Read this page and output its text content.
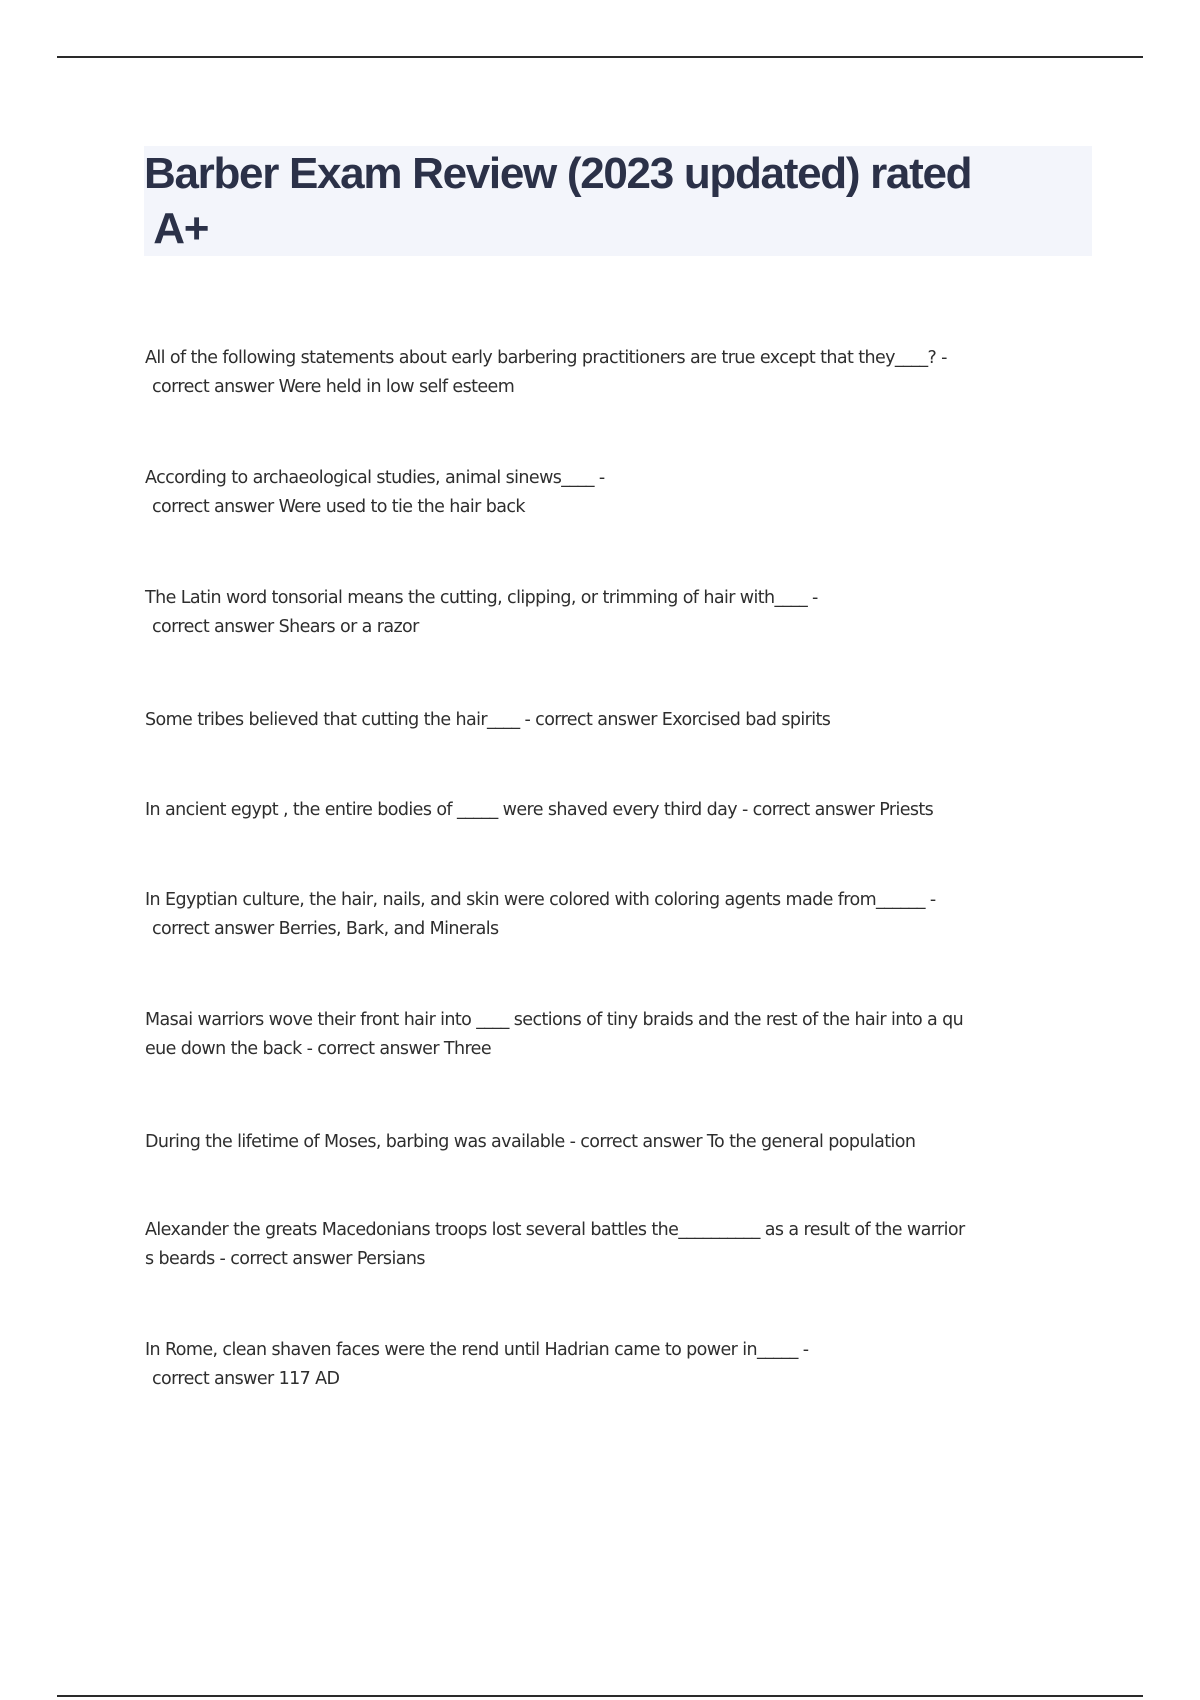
Barber Exam Review (2023 updated) rated
A+
All of the following statements about early barbering practitioners are true except that they____? -
correct answer Were held in low self esteem
According to archaeological studies, animal sinews____ -
correct answer Were used to tie the hair back
The Latin word tonsorial means the cutting, clipping, or trimming of hair with____ -
correct answer Shears or a razor
Some tribes believed that cutting the hair____ - correct answer Exorcised bad spirits
In ancient egypt , the entire bodies of _____ were shaved every third day - correct answer Priests
In Egyptian culture, the hair, nails, and skin were colored with coloring agents made from______ -
correct answer Berries, Bark, and Minerals
Masai warriors wove their front hair into ____ sections of tiny braids and the rest of the hair into a qu
eue down the back - correct answer Three
During the lifetime of Moses, barbing was available - correct answer To the general population
Alexander the greats Macedonians troops lost several battles the__________ as a result of the warrior
s beards - correct answer Persians
In Rome, clean shaven faces were the rend until Hadrian came to power in_____ -
correct answer 117 AD
